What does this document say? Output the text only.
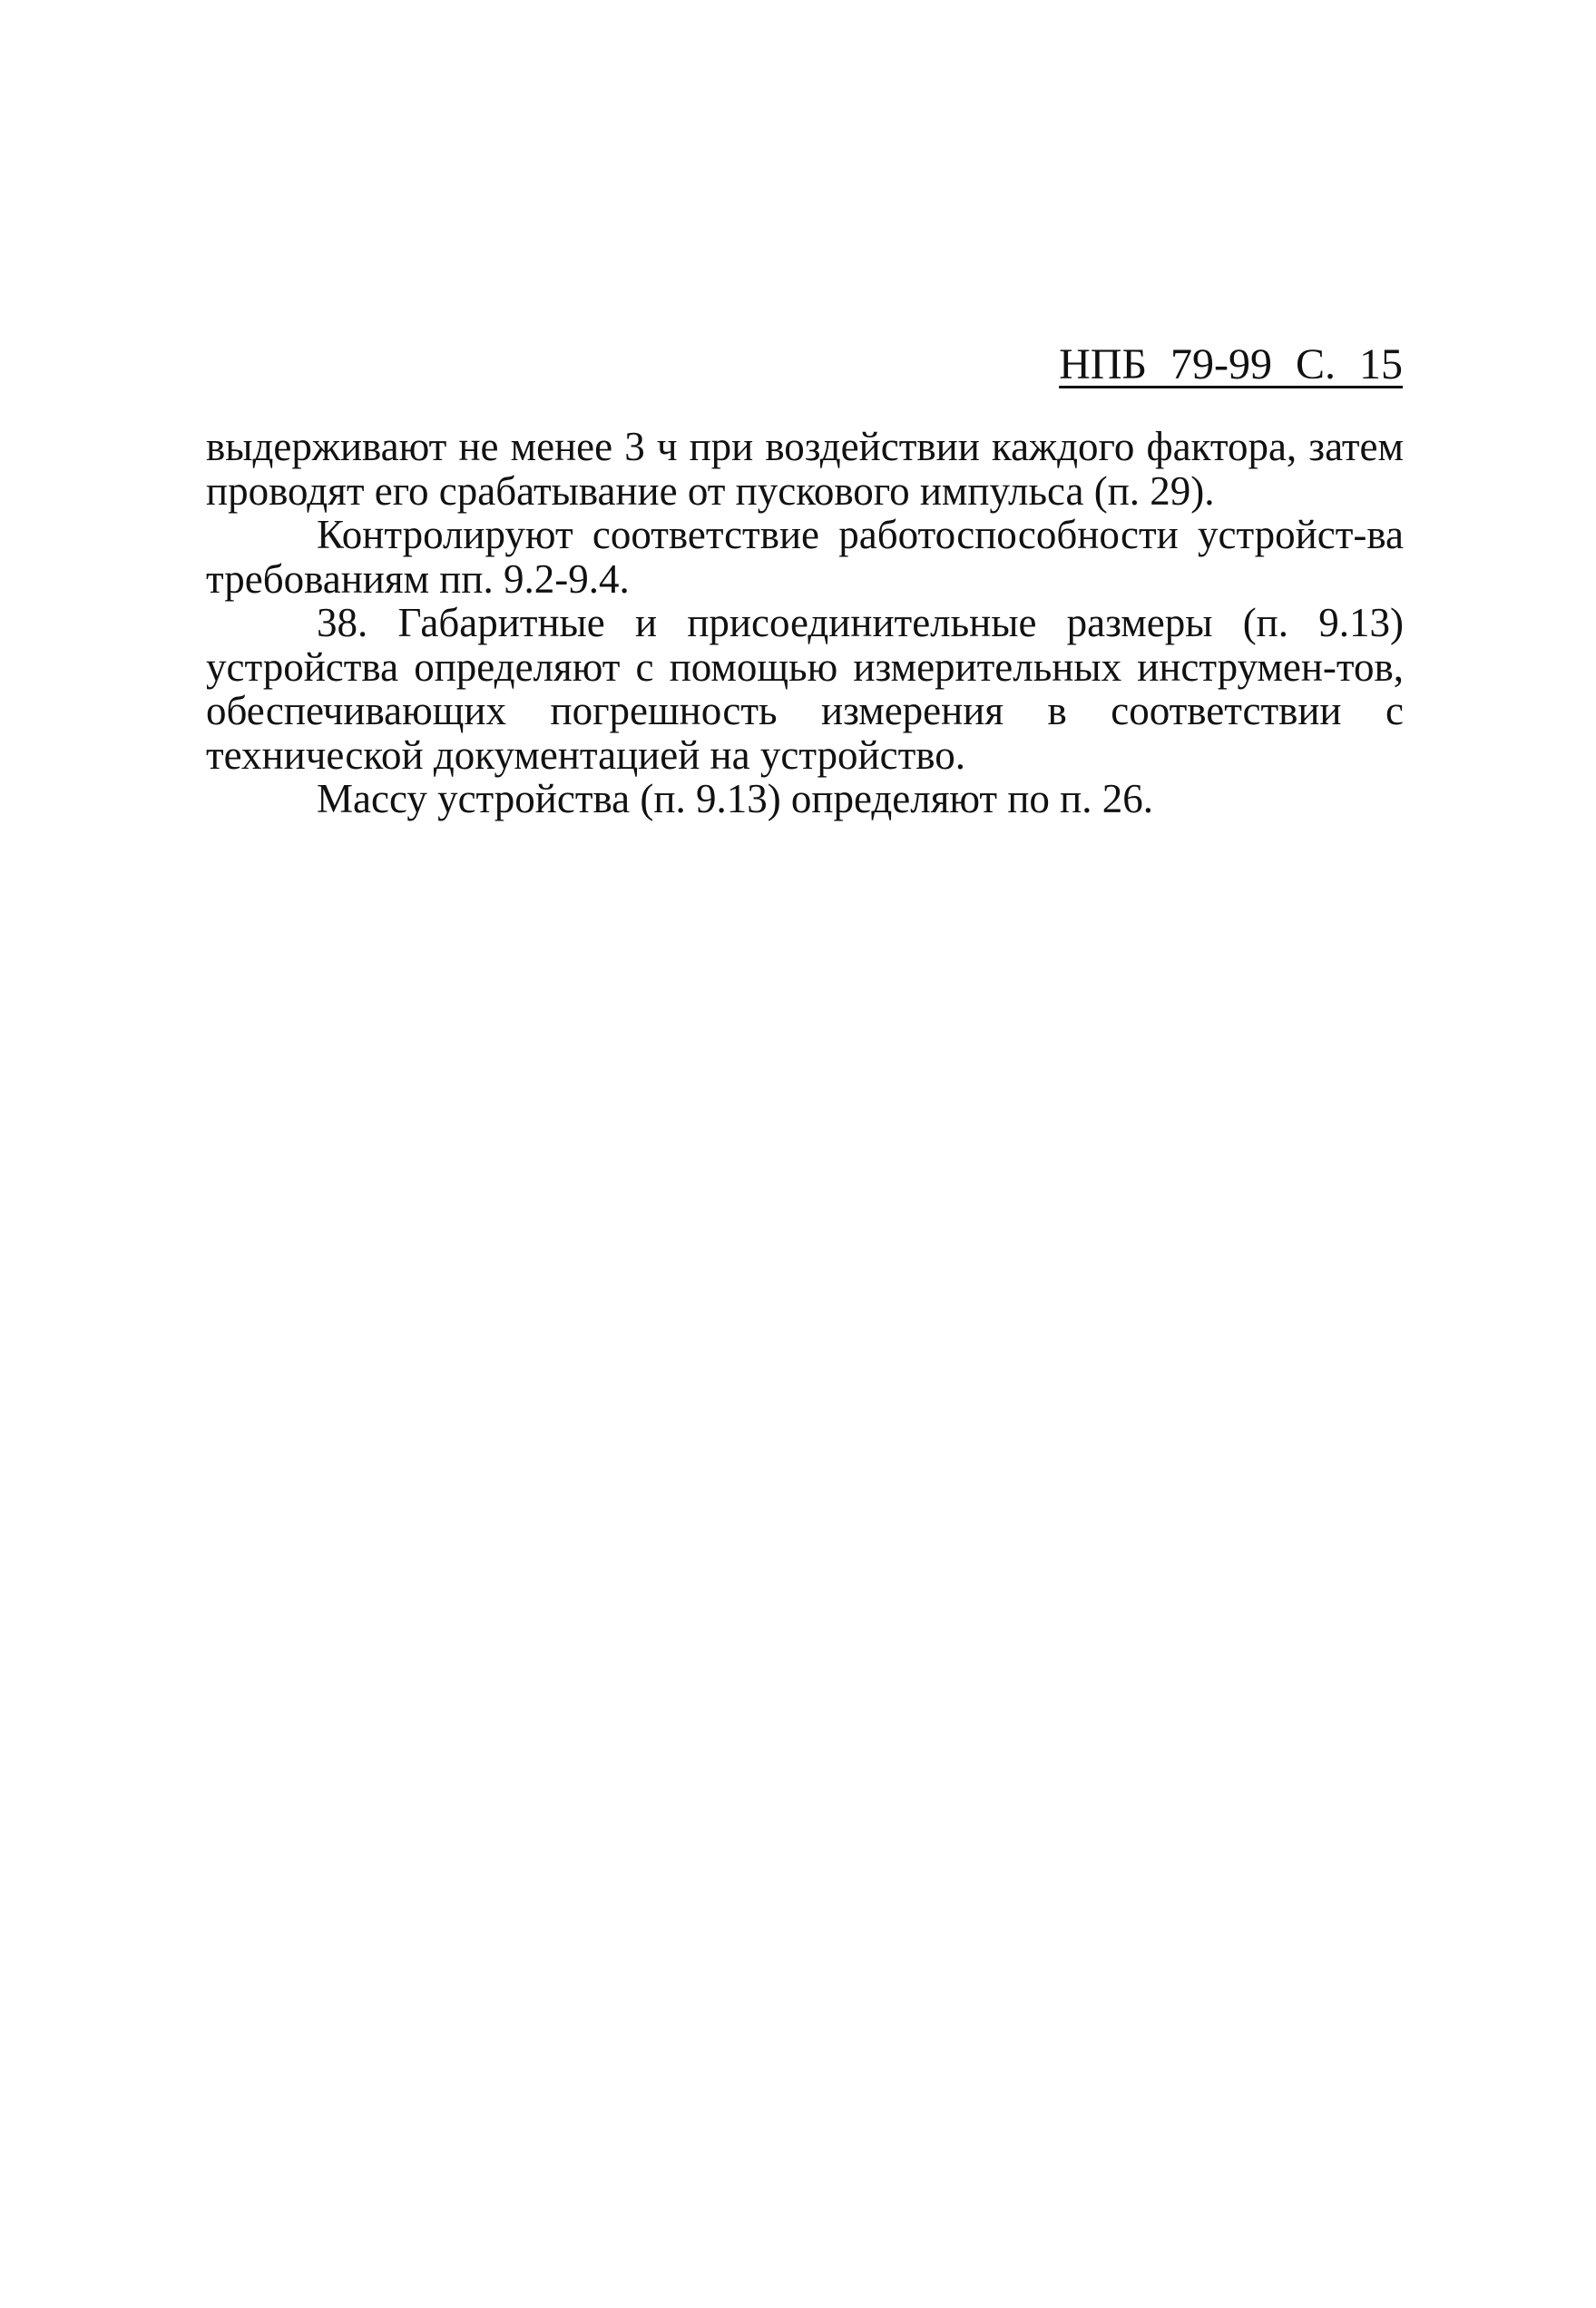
НПБ 79-99 С. 15

выдерживают не менее 3 ч при воздействии каждого фактора, затем проводят его срабатывание от пускового импульса (п. 29).

Контролируют соответствие работоспособности устройст-ва требованиям пп. 9.2-9.4.

38. Габаритные и присоединительные размеры (п. 9.13) устройства определяют с помощью измерительных инструмен-тов, обеспечивающих погрешность измерения в соответствии с технической документацией на устройство.

Массу устройства (п. 9.13) определяют по п. 26.
